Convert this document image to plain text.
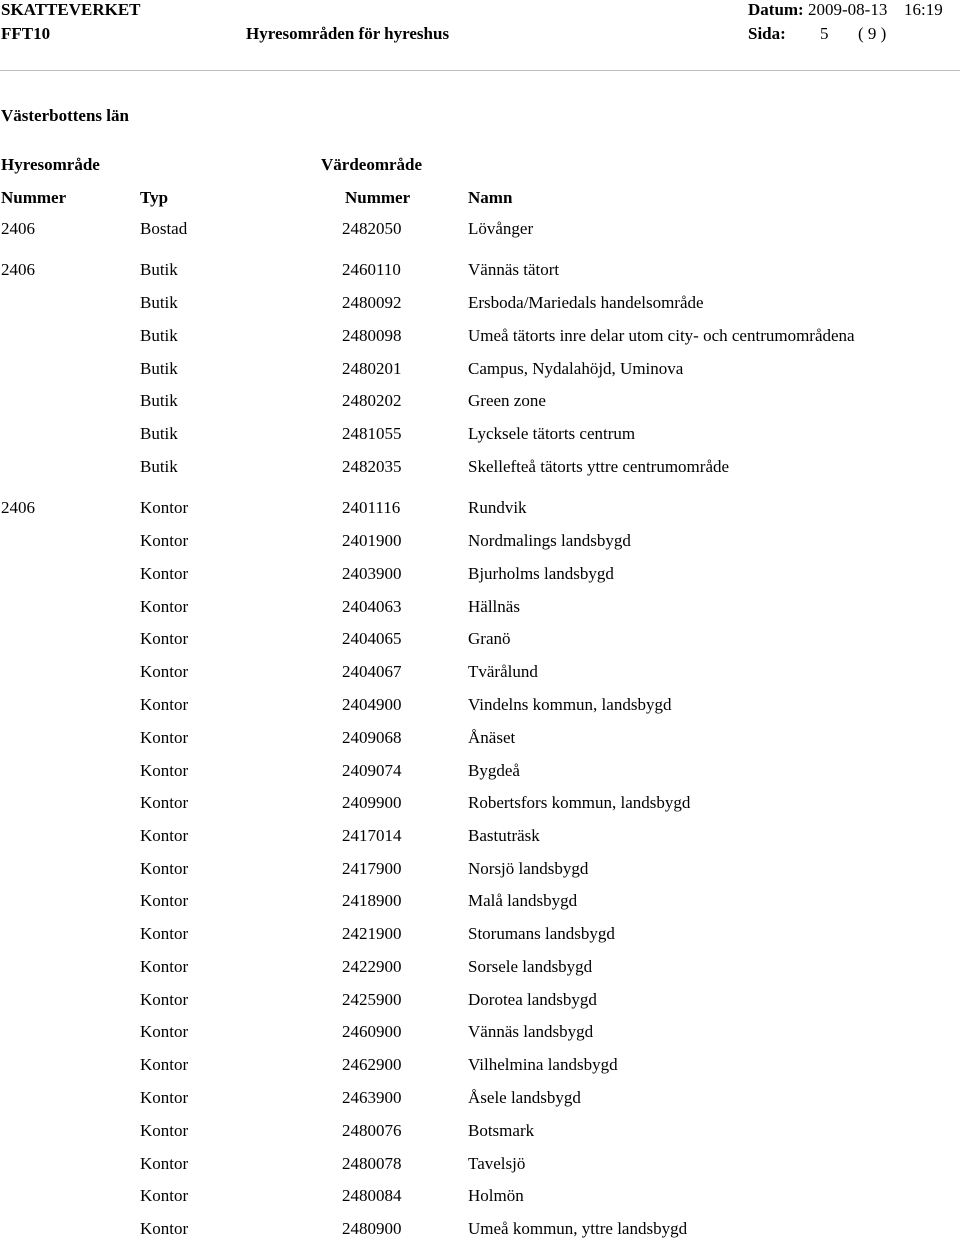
SKATTEVERKET
FFT10	Hyresområden för hyreshus
Datum: 2009-08-13 16:19
Sida: 5 ( 9 )
Västerbottens län
Hyresområde	Värdeområde
Nummer	Typ	Nummer	Namn
2406	Bostad	2482050	Lövånger
2406	Butik	2460110	Vännäs tätort
Butik	2480092	Ersboda/Mariedals handelsområde
Butik	2480098	Umeå tätorts inre delar utom city- och centrumområdena
Butik	2480201	Campus, Nydalahöjd, Uminova
Butik	2480202	Green zone
Butik	2481055	Lycksele tätorts centrum
Butik	2482035	Skellefteå tätorts yttre centrumområde
2406	Kontor	2401116	Rundvik
Kontor	2401900	Nordmalings landsbygd
Kontor	2403900	Bjurholms landsbygd
Kontor	2404063	Hällnäs
Kontor	2404065	Granö
Kontor	2404067	Tvärålund
Kontor	2404900	Vindelns kommun, landsbygd
Kontor	2409068	Ånäset
Kontor	2409074	Bygdeå
Kontor	2409900	Robertsfors kommun, landsbygd
Kontor	2417014	Bastuträsk
Kontor	2417900	Norsjö landsbygd
Kontor	2418900	Malå landsbygd
Kontor	2421900	Storumans landsbygd
Kontor	2422900	Sorsele landsbygd
Kontor	2425900	Dorotea landsbygd
Kontor	2460900	Vännäs landsbygd
Kontor	2462900	Vilhelmina landsbygd
Kontor	2463900	Åsele landsbygd
Kontor	2480076	Botsmark
Kontor	2480078	Tavelsjö
Kontor	2480084	Holmön
Kontor	2480900	Umeå kommun, yttre landsbygd
